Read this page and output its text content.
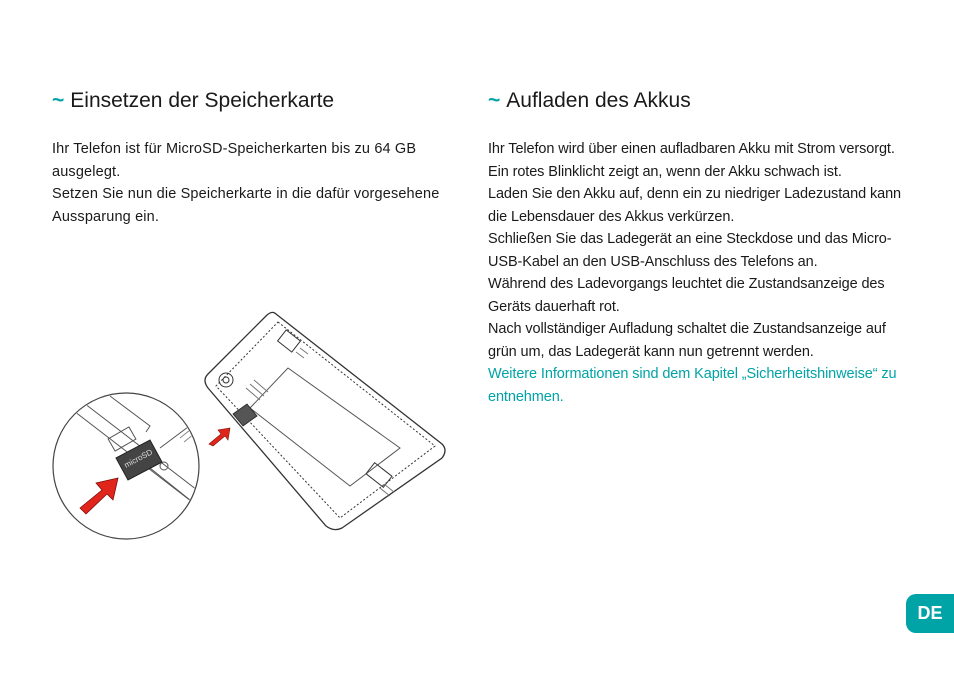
~ Einsetzen der Speicherkarte

Ihr Telefon ist für MicroSD-Speicherkarten bis zu 64 GB ausgelegt.

Setzen Sie nun die Speicherkarte in die dafür vorgesehene Aussparung ein.

microSD
~ Aufladen des Akkus

Ihr Telefon wird über einen aufladbaren Akku mit Strom versorgt.

Ein rotes Blinklicht zeigt an, wenn der Akku schwach ist.

Laden Sie den Akku auf, denn ein zu niedriger Ladezustand kann die Lebensdauer des Akkus verkürzen.

Schließen Sie das Ladegerät an eine Steckdose und das Micro-USB-Kabel an den USB-Anschluss des Telefons an.

Während des Ladevorgangs leuchtet die Zustandsanzeige des Geräts dauerhaft rot.

Nach vollständiger Aufladung schaltet die Zustandsanzeige auf grün um, das Ladegerät kann nun getrennt werden.

Weitere Informationen sind dem Kapitel „Sicherheitshinweise“ zu entnehmen.

DE
